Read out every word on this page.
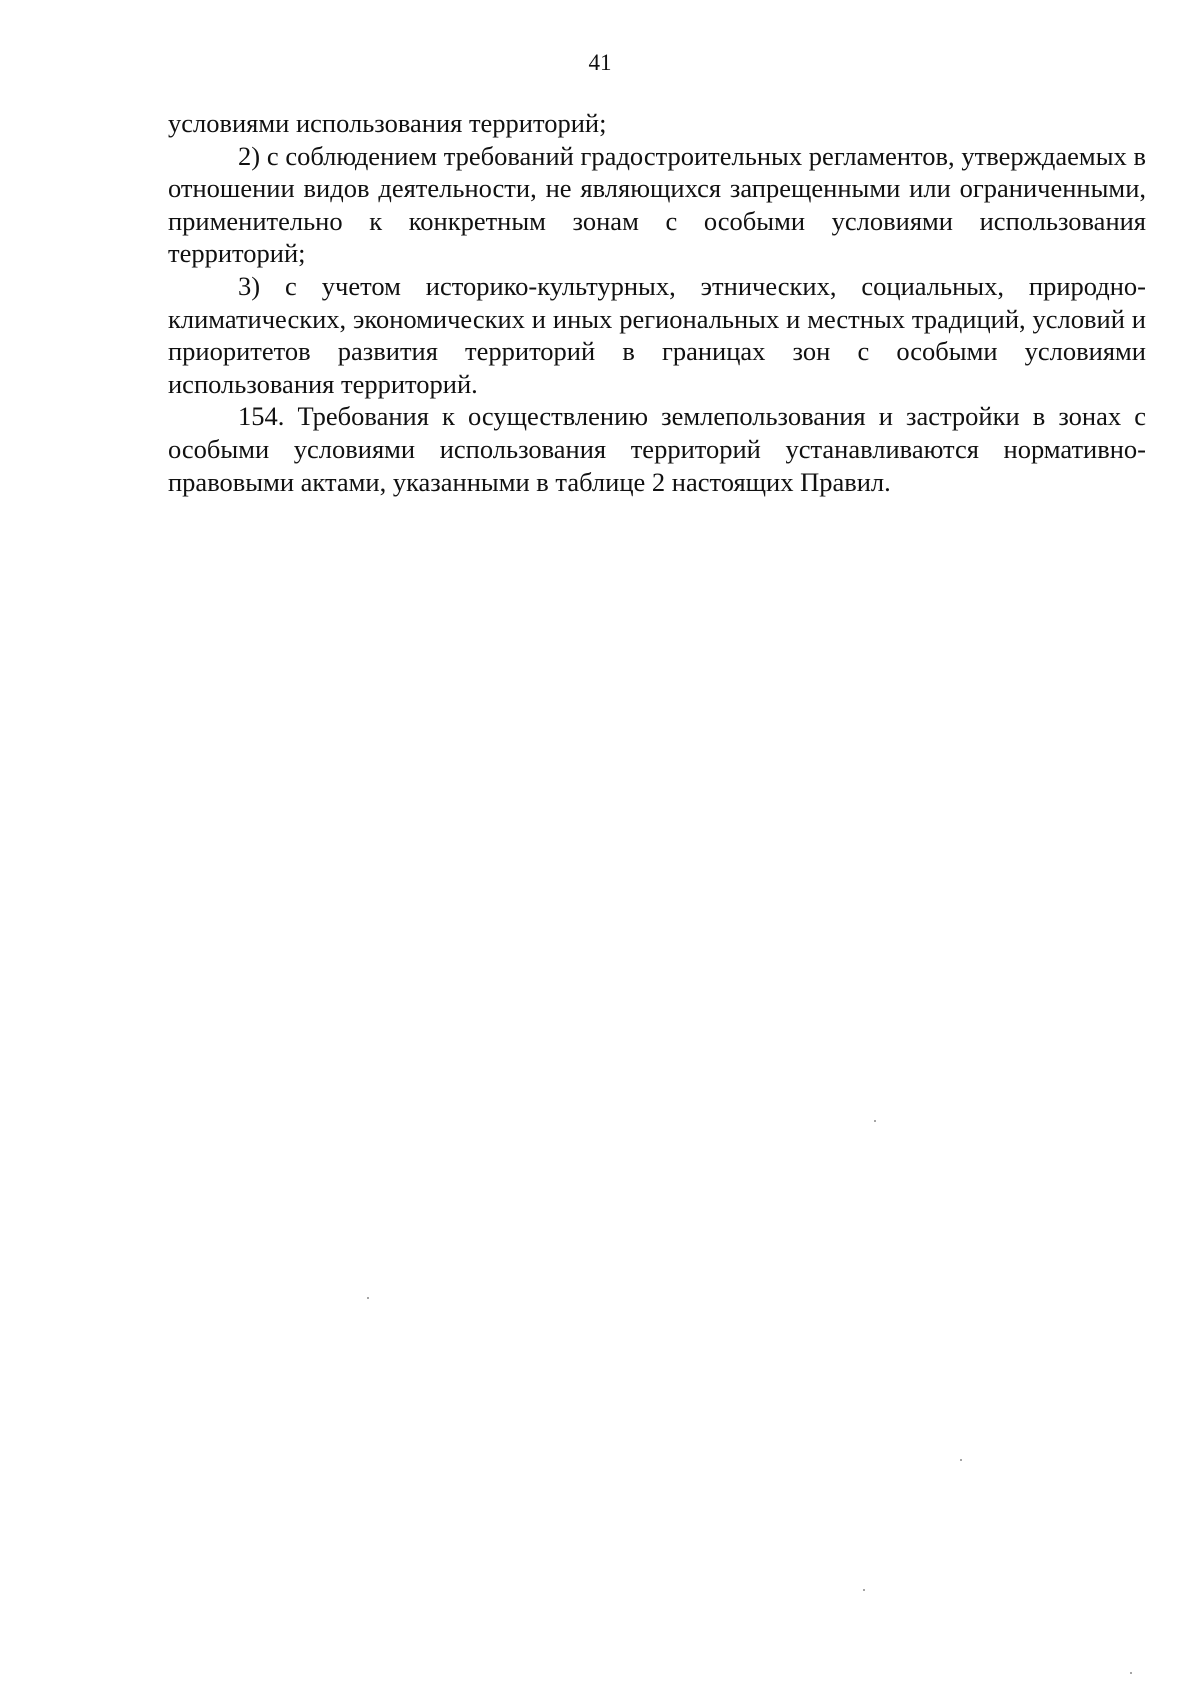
41

условиями использования территорий;

2) с соблюдением требований градостроительных регламентов, утверждаемых в отношении видов деятельности, не являющихся запрещенными или ограниченными, применительно к конкретным зонам с особыми условиями использования территорий;

3) с учетом историко-культурных, этнических, социальных, природно-климатических, экономических и иных региональных и местных традиций, условий и приоритетов развития территорий в границах зон с особыми условиями использования территорий.

154. Требования к осуществлению землепользования и застройки в зонах с особыми условиями использования территорий устанавливаются нормативно-правовыми актами, указанными в таблице 2 настоящих Правил.
